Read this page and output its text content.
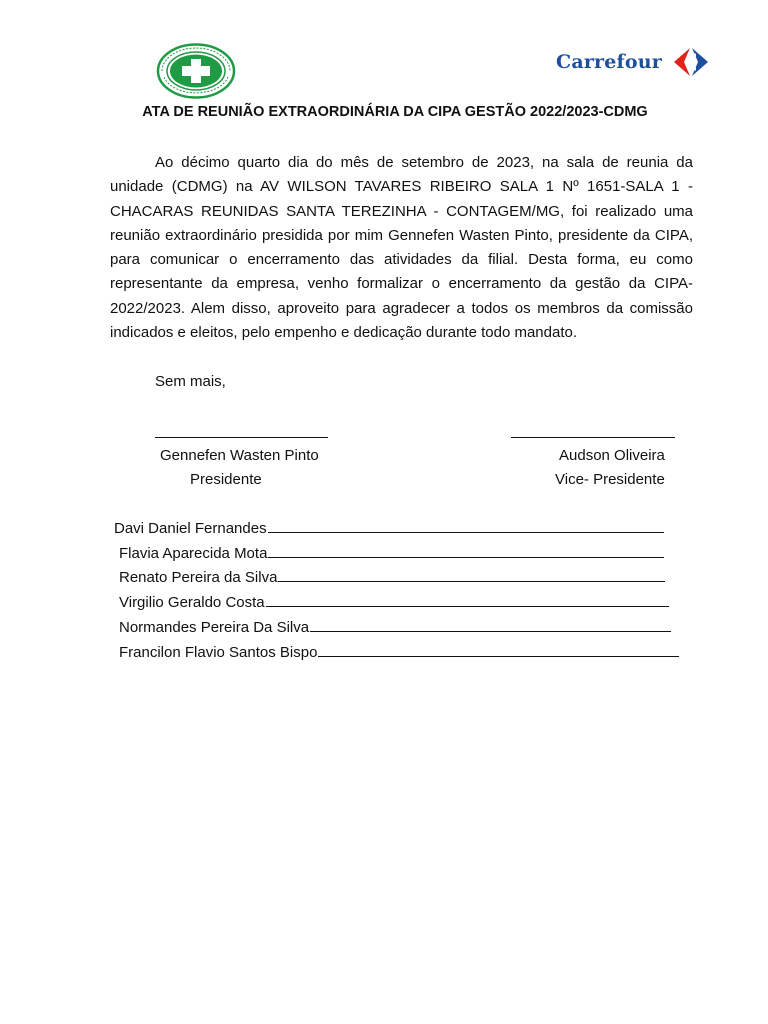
Carrefour
ATA DE REUNIÃO EXTRAORDINÁRIA DA CIPA GESTÃO 2022/2023-CDMG

Ao décimo quarto dia do mês de setembro de 2023, na sala de reunia da unidade (CDMG) na AV WILSON TAVARES RIBEIRO SALA 1 Nº 1651-SALA 1 - CHACARAS REUNIDAS SANTA TEREZINHA - CONTAGEM/MG, foi realizado uma reunião extraordinário presidida por mim Gennefen Wasten Pinto, presidente da CIPA, para comunicar o encerramento das atividades da filial. Desta forma, eu como representante da empresa, venho formalizar o encerramento da gestão da CIPA-2022/2023. Alem disso, aproveito para agradecer a todos os membros da comissão indicados e eleitos, pelo empenho e dedicação durante todo mandato.

Sem mais,
Gennefen Wasten Pinto
Presidente
Audson Oliveira
Vice- Presidente
Davi Daniel Fernandes
Flavia Aparecida Mota
Renato Pereira da Silva
Virgilio Geraldo Costa
Normandes Pereira Da Silva
Francilon Flavio Santos Bispo
